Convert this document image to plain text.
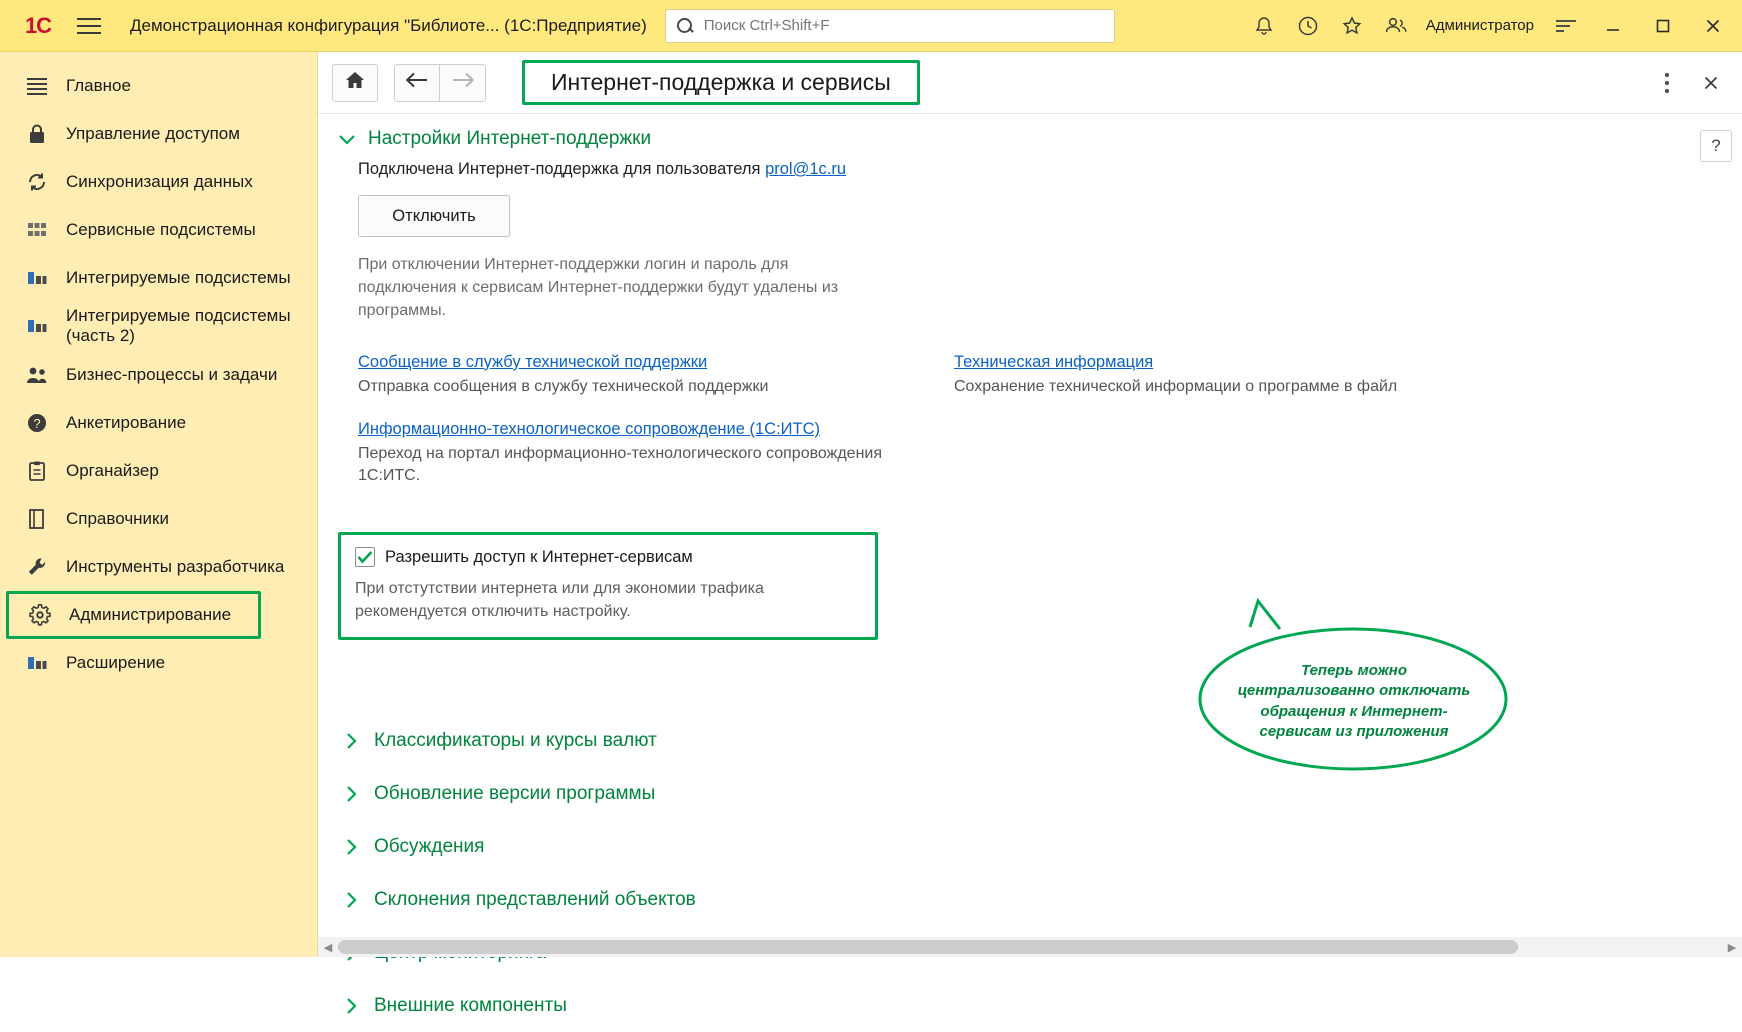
1C	Демонстрационная конфигурация "Библиоте... (1С:Предприятие)
Поиск Ctrl+Shift+F	Администратор
Главное
Управление доступом
Синхронизация данных
Сервисные подсистемы
Интегрируемые подсистемы
Интегрируемые подсистемы (часть 2)
Бизнес-процессы и задачи
? Анкетирование
Органайзер
Справочники
Инструменты разработчика
Администрирование
Расширение
Интернет-поддержка и сервисы
?
Настройки Интернет-поддержки
Подключена Интернет-поддержка для пользователя prol@1c.ru
Отключить
При отключении Интернет-поддержки логин и пароль для подключения к сервисам Интернет-поддержки будут удалены из программы.
Сообщение в службу технической поддержки
Отправка сообщения в службу технической поддержки
Информационно-технологическое сопровождение (1С:ИТС)
Переход на портал информационно-технологического сопровождения 1С:ИТС.
Техническая информация
Сохранение технической информации о программе в файл
Разрешить доступ к Интернет-сервисам
При отстутствии интернета или для экономии трафика рекомендуется отключить настройку.
Классификаторы и курсы валют
Обновление версии программы
Обсуждения
Склонения представлений объектов
Внешние компоненты
Теперь можно централизованно отключать обращения к Интернет-сервисам из приложения
◀	▶
